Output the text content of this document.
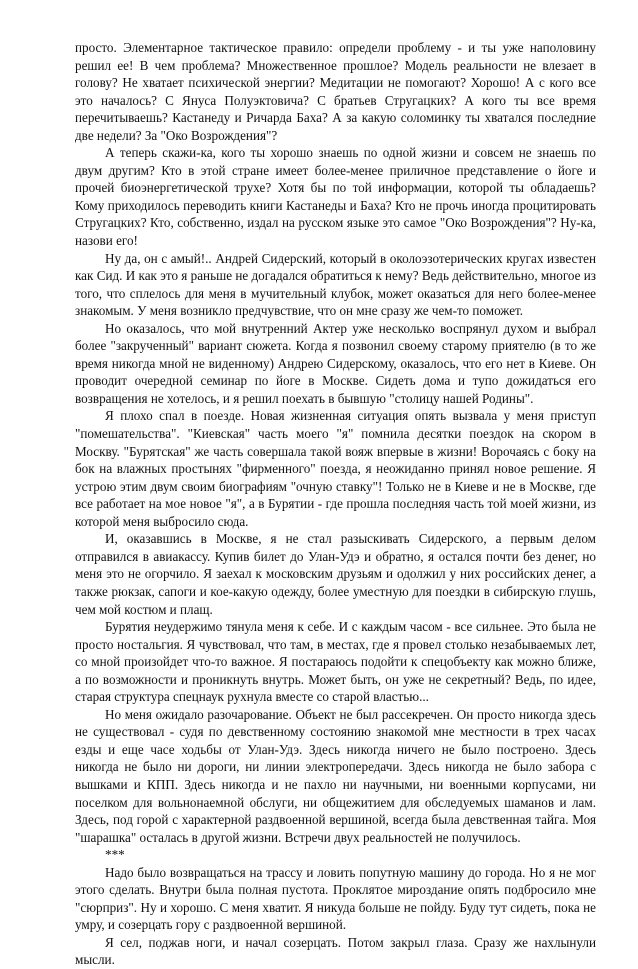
просто. Элементарное тактическое правило: определи проблему - и ты уже наполовину решил ее! В чем проблема? Множественное прошлое? Модель реальности не влезает в голову? Не хватает психической энергии? Медитации не помогают? Хорошо! А с кого все это началось? С Януса Полуэктовича? С братьев Стругацких? А кого ты все время перечитываешь? Кастанеду и Ричарда Баха? А за какую соломинку ты хватался последние две недели? За "Око Возрождения"?

А теперь скажи-ка, кого ты хорошо знаешь по одной жизни и совсем не знаешь по двум другим? Кто в этой стране имеет более-менее приличное представление о йоге и прочей биоэнергетической трухе? Хотя бы по той информации, которой ты обладаешь? Кому приходилось переводить книги Кастанеды и Баха? Кто не прочь иногда процитировать Стругацких? Кто, собственно, издал на русском языке это самое "Око Возрождения"? Ну-ка, назови его!

Ну да, он с амый!.. Андрей Сидерский, который в околоэзотерических кругах известен как Сид. И как это я раньше не догадался обратиться к нему? Ведь действительно, многое из того, что сплелось для меня в мучительный клубок, может оказаться для него более-менее знакомым. У меня возникло предчувствие, что он мне сразу же чем-то поможет.

Но оказалось, что мой внутренний Актер уже несколько воспрянул духом и выбрал более "закрученный" вариант сюжета. Когда я позвонил своему старому приятелю (в то же время никогда мной не виденному) Андрею Сидерскому, оказалось, что его нет в Киеве. Он проводит очередной семинар по йоге в Москве. Сидеть дома и тупо дожидаться его возвращения не хотелось, и я решил поехать в бывшую "столицу нашей Родины".

Я плохо спал в поезде. Новая жизненная ситуация опять вызвала у меня приступ "помешательства". "Киевская" часть моего "я" помнила десятки поездок на скором в Москву. "Бурятская" же часть совершала такой вояж впервые в жизни! Ворочаясь с боку на бок на влажных простынях "фирменного" поезда, я неожиданно принял новое решение. Я устрою этим двум своим биографиям "очную ставку"! Только не в Киеве и не в Москве, где все работает на мое новое "я", а в Бурятии - где прошла последняя часть той моей жизни, из которой меня выбросило сюда.

И, оказавшись в Москве, я не стал разыскивать Сидерского, а первым делом отправился в авиакассу. Купив билет до Улан-Удэ и обратно, я остался почти без денег, но меня это не огорчило. Я заехал к московским друзьям и одолжил у них российских денег, а также рюкзак, сапоги и кое-какую одежду, более уместную для поездки в сибирскую глушь, чем мой костюм и плащ.

Бурятия неудержимо тянула меня к себе. И с каждым часом - все сильнее. Это была не просто ностальгия. Я чувствовал, что там, в местах, где я провел столько незабываемых лет, со мной произойдет что-то важное. Я постараюсь подойти к спецобъекту как можно ближе, а по возможности и проникнуть внутрь. Может быть, он уже не секретный? Ведь, по идее, старая структура спецнаук рухнула вместе со старой властью...

Но меня ожидало разочарование. Объект не был рассекречен. Он просто никогда здесь не существовал - судя по девственному состоянию знакомой мне местности в трех часах езды и еще часе ходьбы от Улан-Удэ. Здесь никогда ничего не было построено. Здесь никогда не было ни дороги, ни линии электропередачи. Здесь никогда не было забора с вышками и КПП. Здесь никогда и не пахло ни научными, ни военными корпусами, ни поселком для вольнонаемной обслуги, ни общежитием для обследуемых шаманов и лам. Здесь, под горой с характерной раздвоенной вершиной, всегда была девственная тайга. Моя "шарашка" осталась в другой жизни. Встречи двух реальностей не получилось.

***

Надо было возвращаться на трассу и ловить попутную машину до города. Но я не мог этого сделать. Внутри была полная пустота. Проклятое мироздание опять подбросило мне "сюрприз". Ну и хорошо. С меня хватит. Я никуда больше не пойду. Буду тут сидеть, пока не умру, и созерцать гору с раздвоенной вершиной.

Я сел, поджав ноги, и начал созерцать. Потом закрыл глаза. Сразу же нахлынули мысли.
